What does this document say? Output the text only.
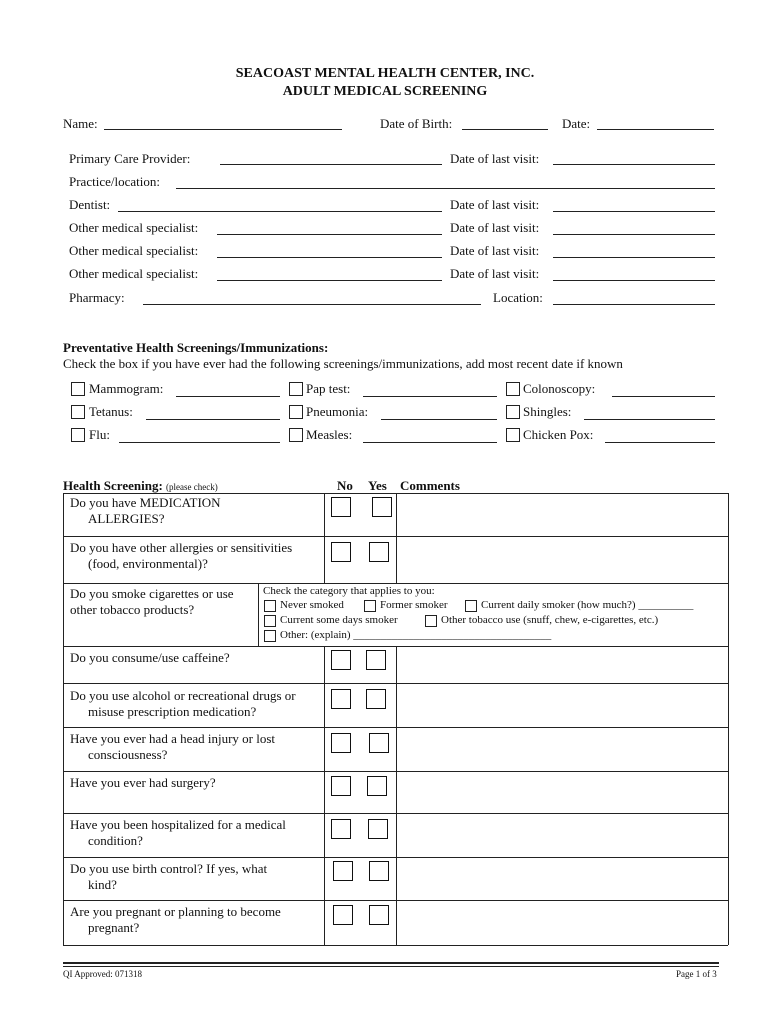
SEACOAST MENTAL HEALTH CENTER, INC.
ADULT MEDICAL SCREENING
Name:	Date of Birth:	Date:
Primary Care Provider:	Date of last visit:
Practice/location:
Dentist:	Date of last visit:
Other medical specialist:	Date of last visit:
Other medical specialist:	Date of last visit:
Other medical specialist:	Date of last visit:
Pharmacy:	Location:
Preventative Health Screenings/Immunizations:
Check the box if you have ever had the following screenings/immunizations, add most recent date if known
Mammogram:	Pap test:	Colonoscopy:
Tetanus:	Pneumonia:	Shingles:
Flu:	Measles:	Chicken Pox:
Health Screening: (please check)	No Yes Comments
Do you have MEDICATION
ALLERGIES?
Do you have other allergies or sensitivities
(food, environmental)?
Do you smoke cigarettes or use
other tobacco products?
Check the category that applies to you:
Never smoked	Former smoker	Current daily smoker (how much?) __________
Current some days smoker	Other tobacco use (snuff, chew, e-cigarettes, etc.)
Other: (explain) ____________________________________
Do you consume/use caffeine?
Do you use alcohol or recreational drugs or
misuse prescription medication?
Have you ever had a head injury or lost
consciousness?
Have you ever had surgery?
Have you been hospitalized for a medical
condition?
Do you use birth control? If yes, what
kind?
Are you pregnant or planning to become
pregnant?
QI Approved: 071318	Page 1 of 3
